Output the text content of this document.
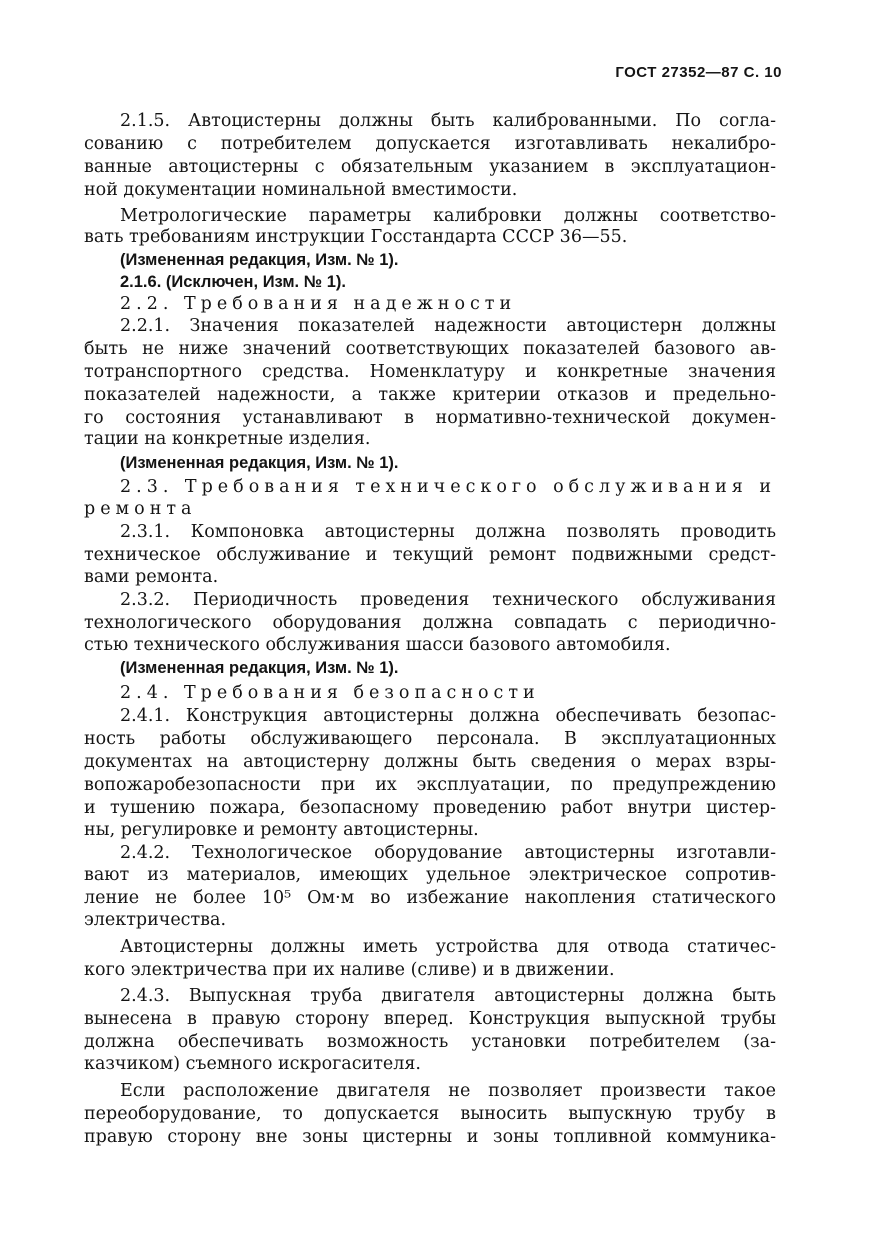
ГОСТ 27352—87 С. 10
2.1.5. Автоцистерны должны быть калиброванными. По согла-
сованию с потребителем допускается изготавливать некалибро-
ванные автоцистерны с обязательным указанием в эксплуатацион-
ной документации номинальной вместимости.
Метрологические параметры калибровки должны соответство-
вать требованиям инструкции Госстандарта СССР 36—55.
(Измененная редакция, Изм. № 1).
2.1.6. (Исключен, Изм. № 1).
2.2. Требования надежности
2.2.1. Значения показателей надежности автоцистерн должны
быть не ниже значений соответствующих показателей базового ав-
тотранспортного средства. Номенклатуру и конкретные значения
показателей надежности, а также критерии отказов и предельно-
го состояния устанавливают в нормативно-технической докумен-
тации на конкретные изделия.
(Измененная редакция, Изм. № 1).
2.3. Требования технического обслуживания и
ремонта
2.3.1. Компоновка автоцистерны должна позволять проводить
техническое обслуживание и текущий ремонт подвижными средст-
вами ремонта.
2.3.2. Периодичность проведения технического обслуживания
технологического оборудования должна совпадать с периодично-
стью технического обслуживания шасси базового автомобиля.
(Измененная редакция, Изм. № 1).
2.4. Требования безопасности
2.4.1. Конструкция автоцистерны должна обеспечивать безопас-
ность работы обслуживающего персонала. В эксплуатационных
документах на автоцистерну должны быть сведения о мерах взры-
вопожаробезопасности при их эксплуатации, по предупреждению
и тушению пожара, безопасному проведению работ внутри цистер-
ны, регулировке и ремонту автоцистерны.
2.4.2. Технологическое оборудование автоцистерны изготавли-
вают из материалов, имеющих удельное электрическое сопротив-
ление не более 10⁵ Ом·м во избежание накопления статического
электричества.
Автоцистерны должны иметь устройства для отвода статичес-
кого электричества при их наливе (сливе) и в движении.
2.4.3. Выпускная труба двигателя автоцистерны должна быть
вынесена в правую сторону вперед. Конструкция выпускной трубы
должна обеспечивать возможность установки потребителем (за-
казчиком) съемного искрогасителя.
Если расположение двигателя не позволяет произвести такое
переоборудование, то допускается выносить выпускную трубу в
правую сторону вне зоны цистерны и зоны топливной коммуника-
